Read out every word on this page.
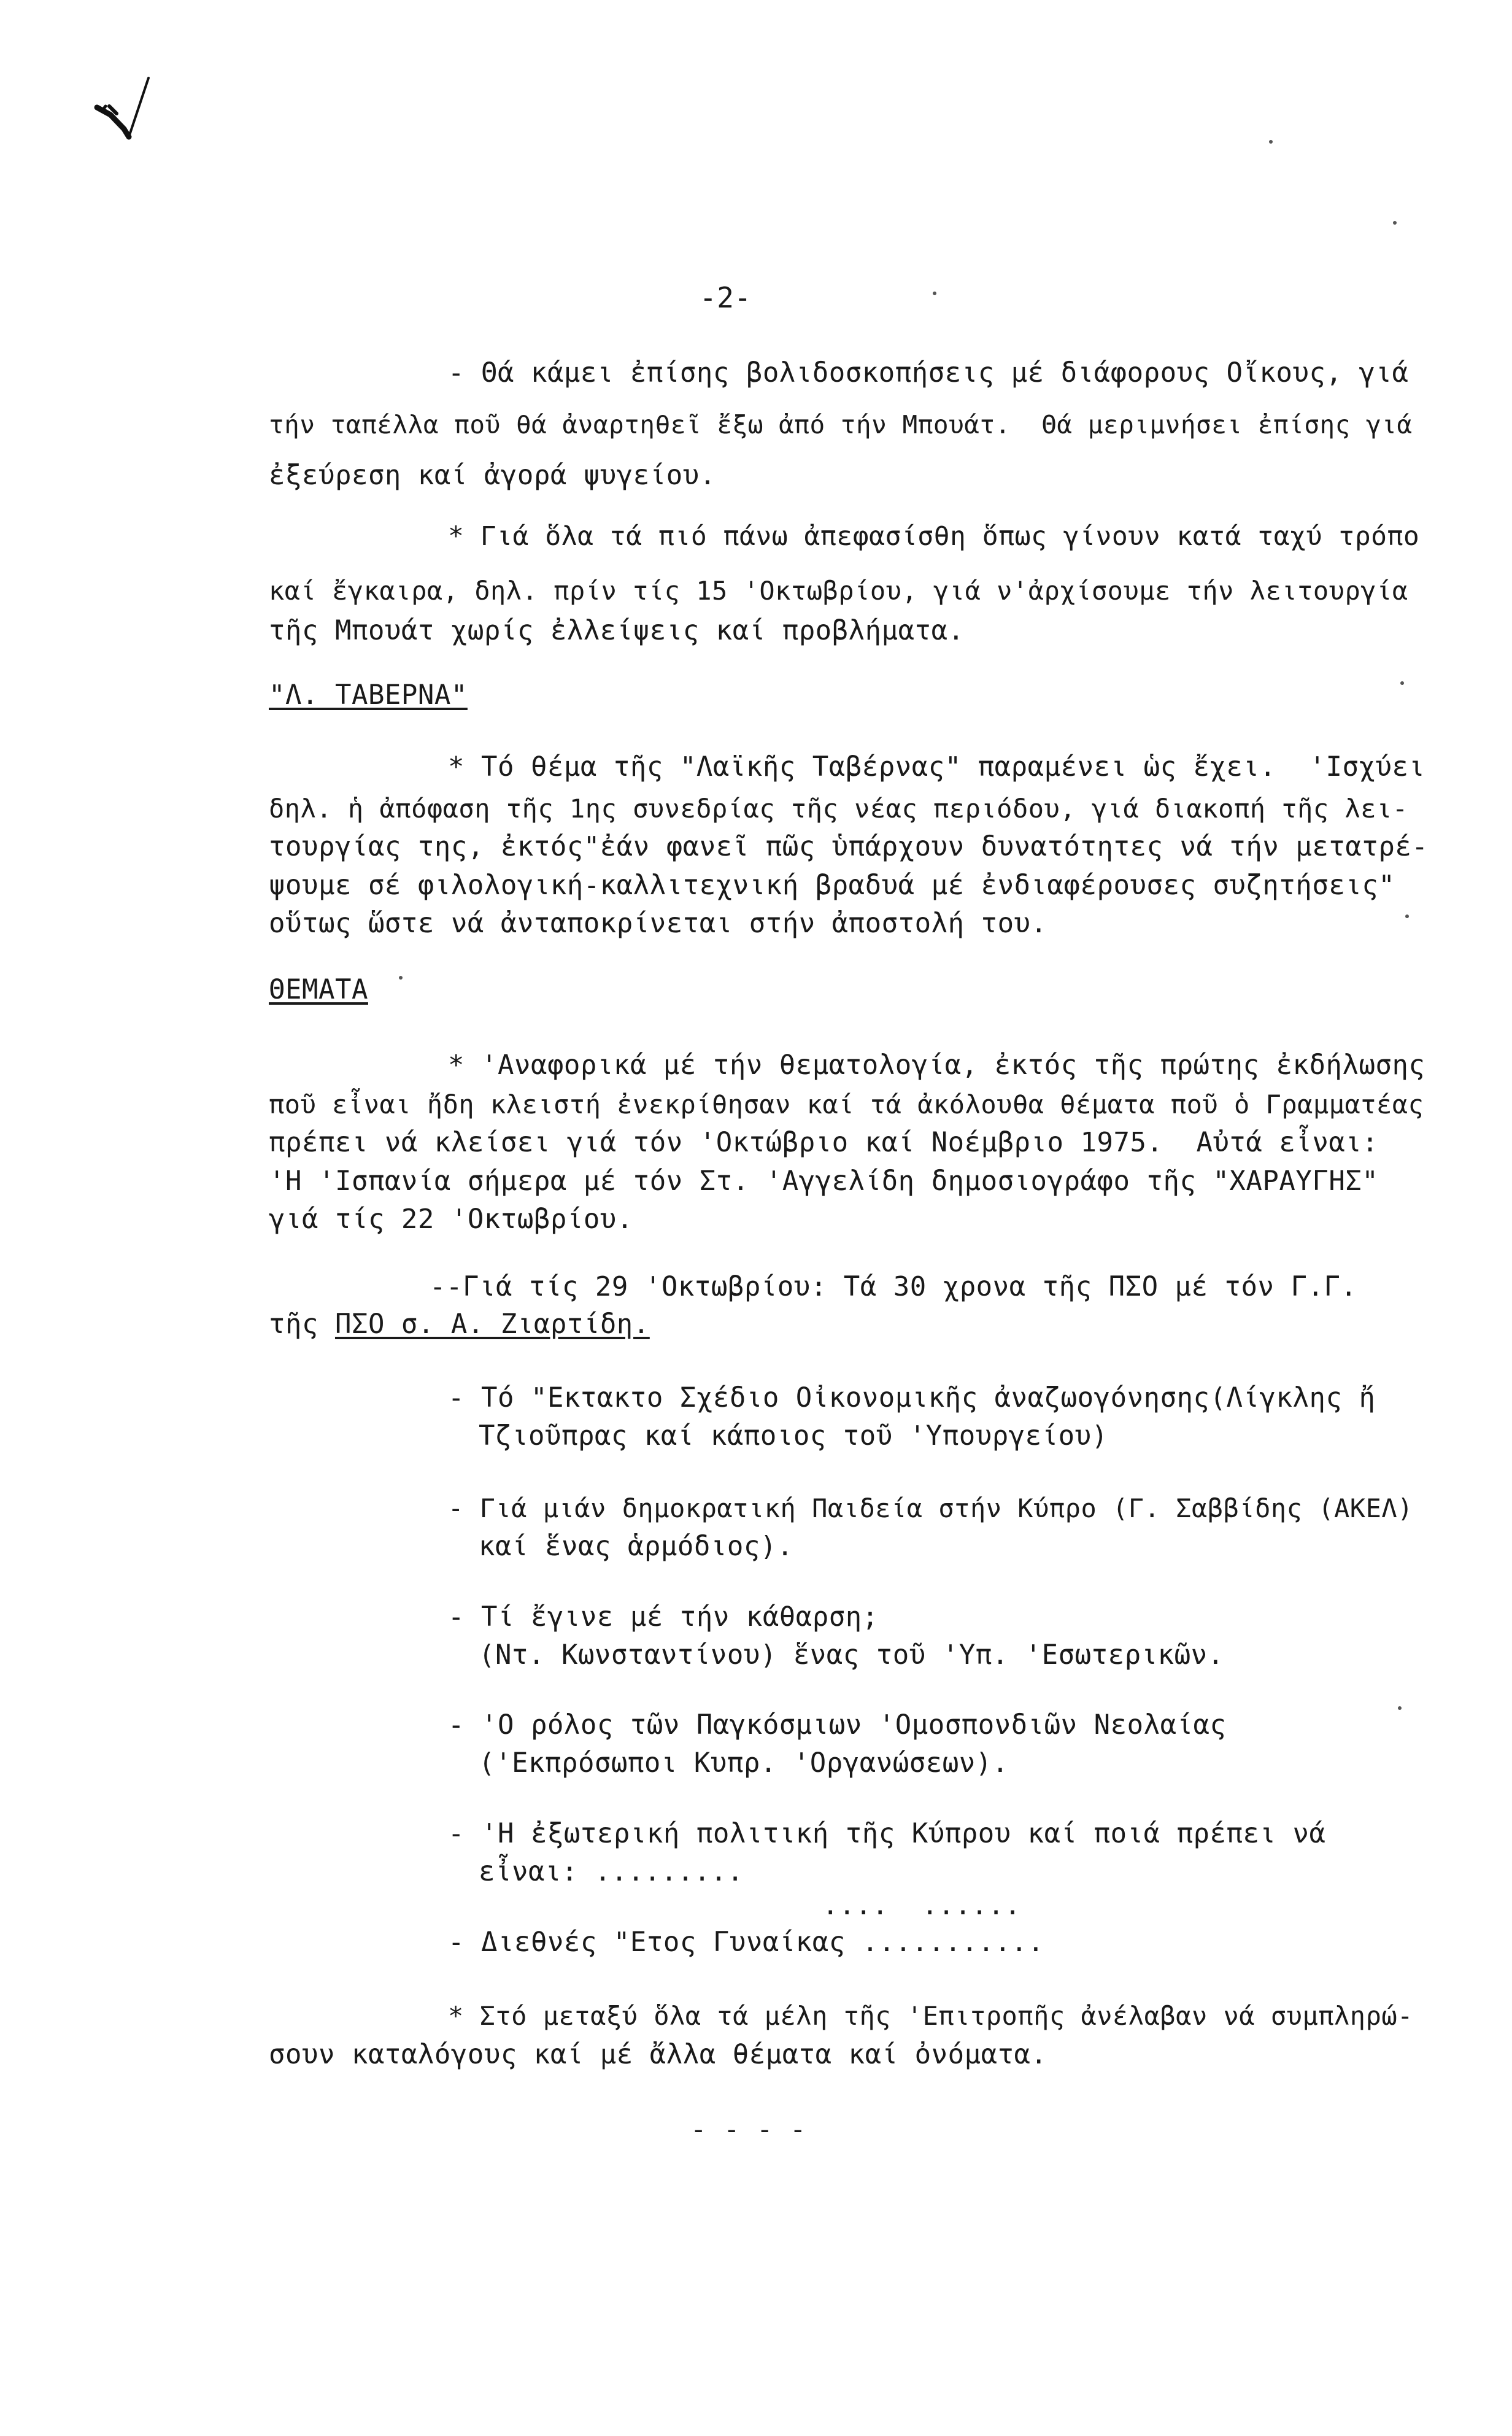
-2-
- Θά κάμει ἐπίσης βολιδοσκοπήσεις μέ διάφορους Οἴκους, γιά
τήν ταπέλλα ποῦ θά ἀναρτηθεῖ ἔξω ἀπό τήν Μπουάτ.  Θά μεριμνήσει ἐπίσης γιά
ἐξεύρεση καί ἀγορά ψυγείου.
* Γιά ὅλα τά πιό πάνω ἀπεφασίσθη ὅπως γίνουν κατά ταχύ τρόπο
καί ἔγκαιρα, δηλ. πρίν τίς 15 'Οκτωβρίου, γιά ν'ἀρχίσουμε τήν λειτουργία
τῆς Μπουάτ χωρίς ἐλλείψεις καί προβλήματα.
"Λ. ΤΑΒΕΡΝΑ"
* Τό θέμα τῆς "Λαϊκῆς Ταβέρνας" παραμένει ὡς ἔχει.  'Ισχύει
δηλ. ἡ ἀπόφαση τῆς 1ης συνεδρίας τῆς νέας περιόδου, γιά διακοπή τῆς λει-
τουργίας της, ἐκτός"ἐάν φανεῖ πῶς ὑπάρχουν δυνατότητες νά τήν μετατρέ-
ψουμε σέ φιλολογική-καλλιτεχνική βραδυά μέ ἐνδιαφέρουσες συζητήσεις"
οὕτως ὥστε νά ἀνταποκρίνεται στήν ἀποστολή του.
ΘΕΜΑΤΑ
* 'Αναφορικά μέ τήν θεματολογία, ἐκτός τῆς πρώτης ἐκδήλωσης
ποῦ εἶναι ἤδη κλειστή ἐνεκρίθησαν καί τά ἀκόλουθα θέματα ποῦ ὁ Γραμματέας
πρέπει νά κλείσει γιά τόν 'Οκτώβριο καί Νοέμβριο 1975.  Αὐτά εἶναι:
'Η 'Ισπανία σήμερα μέ τόν Στ. 'Αγγελίδη δημοσιογράφο τῆς "ΧΑΡΑΥΓΗΣ"
γιά τίς 22 'Οκτωβρίου.
--Γιά τίς 29 'Οκτωβρίου: Τά 30 χρονα τῆς ΠΣΟ μέ τόν Γ.Γ.
τῆς ΠΣΟ σ. Α. Ζιαρτίδη.
- Τό "Εκτακτο Σχέδιο Οἰκονομικῆς ἀναζωογόνησης(Λίγκλης ἤ
Τζιοῦπρας καί κάποιος τοῦ 'Υπουργείου)
- Γιά μιάν δημοκρατική Παιδεία στήν Κύπρο (Γ. Σαββίδης (ΑΚΕΛ)
καί ἕνας ἁρμόδιος).
- Τί ἔγινε μέ τήν κάθαρση;
(Ντ. Κωνσταντίνου) ἕνας τοῦ 'Υπ. 'Εσωτερικῶν.
- 'Ο ρόλος τῶν Παγκόσμιων 'Ομοσπονδιῶν Νεολαίας
('Εκπρόσωποι Κυπρ. 'Οργανώσεων).
- 'Η ἐξωτερική πολιτική τῆς Κύπρου καί ποιά πρέπει νά
εἶναι: .........
....  ......
- Διεθνές "Ετος Γυναίκας ...........
* Στό μεταξύ ὅλα τά μέλη τῆς 'Επιτροπῆς ἀνέλαβαν νά συμπληρώ-
σουν καταλόγους καί μέ ἄλλα θέματα καί ὀνόματα.
- - - -
